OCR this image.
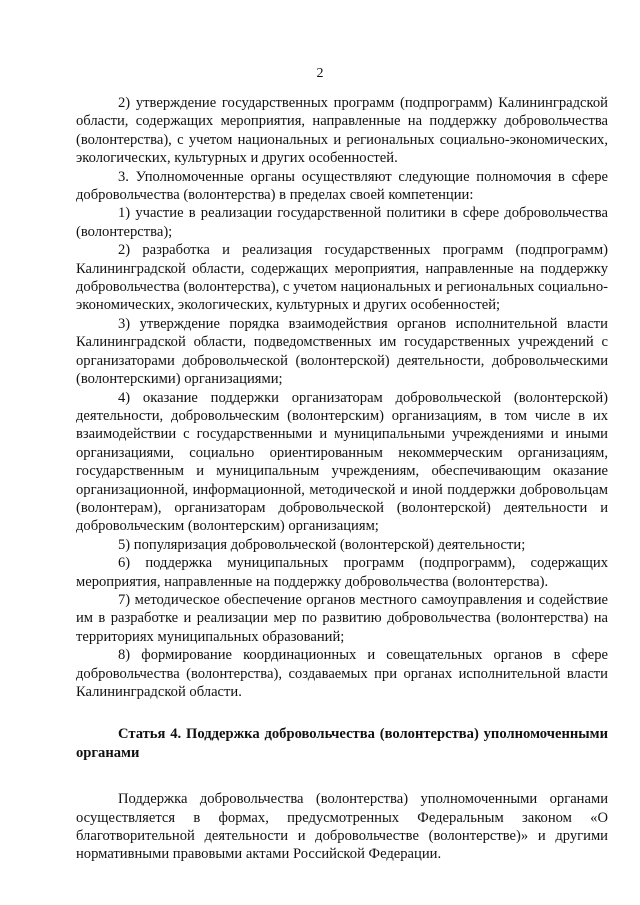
2

2) утверждение государственных программ (подпрограмм) Калининградской области, содержащих мероприятия, направленные на поддержку добровольчества (волонтерства), с учетом национальных и региональных социально-экономических, экологических, культурных и других особенностей.

3. Уполномоченные органы осуществляют следующие полномочия в сфере добровольчества (волонтерства) в пределах своей компетенции:

1) участие в реализации государственной политики в сфере добровольчества (волонтерства);

2) разработка и реализация государственных программ (подпрограмм) Калининградской области, содержащих мероприятия, направленные на поддержку добровольчества (волонтерства), с учетом национальных и региональных социально-экономических, экологических, культурных и других особенностей;

3) утверждение порядка взаимодействия органов исполнительной власти Калининградской области, подведомственных им государственных учреждений с организаторами добровольческой (волонтерской) деятельности, добровольческими (волонтерскими) организациями;

4) оказание поддержки организаторам добровольческой (волонтерской) деятельности, добровольческим (волонтерским) организациям, в том числе в их взаимодействии с государственными и муниципальными учреждениями и иными организациями, социально ориентированным некоммерческим организациям, государственным и муниципальным учреждениям, обеспечивающим оказание организационной, информационной, методической и иной поддержки добровольцам (волонтерам), организаторам добровольческой (волонтерской) деятельности и добровольческим (волонтерским) организациям;

5) популяризация добровольческой (волонтерской) деятельности;

6) поддержка муниципальных программ (подпрограмм), содержащих мероприятия, направленные на поддержку добровольчества (волонтерства).

7) методическое обеспечение органов местного самоуправления и содействие им в разработке и реализации мер по развитию добровольчества (волонтерства) на территориях муниципальных образований;

8) формирование координационных и совещательных органов в сфере добровольчества (волонтерства), создаваемых при органах исполнительной власти Калининградской области.

Статья 4. Поддержка добровольчества (волонтерства) уполномоченными органами

Поддержка добровольчества (волонтерства) уполномоченными органами осуществляется в формах, предусмотренных Федеральным законом «О благотворительной деятельности и добровольчестве (волонтерстве)» и другими нормативными правовыми актами Российской Федерации.
